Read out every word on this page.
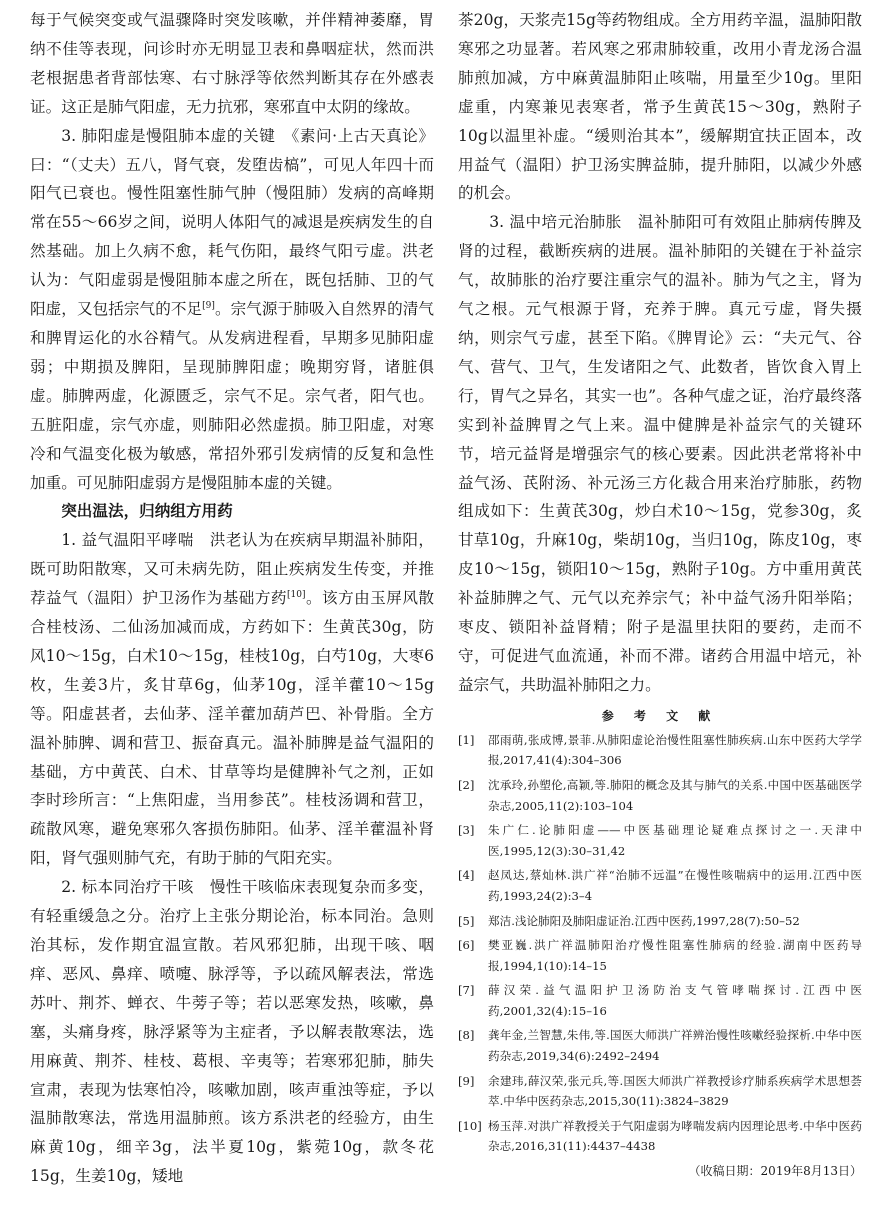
每于气候突变或气温骤降时突发咳嗽，并伴精神萎靡，胃纳不佳等表现，问诊时亦无明显卫表和鼻咽症状，然而洪老根据患者背部怯寒、右寸脉浮等依然判断其存在外感表证。这正是肺气阳虚，无力抗邪，寒邪直中太阴的缘故。

3. 肺阳虚是慢阻肺本虚的关键　 《素问·上古天真论》曰：“（丈夫）五八，肾气衰，发堕齿槁”，可见人年四十而阳气已衰也。慢性阻塞性肺气肿（慢阻肺）发病的高峰期常在55～66岁之间，说明人体阳气的减退是疾病发生的自然基础。加上久病不愈，耗气伤阳，最终气阳亏虚。洪老认为：气阳虚弱是慢阻肺本虚之所在，既包括肺、卫的气阳虚，又包括宗气的不足[9]。宗气源于肺吸入自然界的清气和脾胃运化的水谷精气。从发病进程看，早期多见肺阳虚弱；中期损及脾阳，呈现肺脾阳虚；晚期穷肾，诸脏俱虚。肺脾两虚，化源匮乏，宗气不足。宗气者，阳气也。五脏阳虚，宗气亦虚，则肺阳必然虚损。肺卫阳虚，对寒冷和气温变化极为敏感，常招外邪引发病情的反复和急性加重。可见肺阳虚弱方是慢阻肺本虚的关键。

突出温法，归纳组方用药

1. 益气温阳平哮喘　 洪老认为在疾病早期温补肺阳，既可助阳散寒，又可未病先防，阻止疾病发生传变，并推荐益气（温阳）护卫汤作为基础方药[10]。该方由玉屏风散合桂枝汤、二仙汤加减而成，方药如下：生黄芪30g，防风10～15g，白术10～15g，桂枝10g，白芍10g，大枣6枚，生姜3片，炙甘草6g，仙茅10g，淫羊藿10～15g等。阳虚甚者，去仙茅、淫羊藿加葫芦巴、补骨脂。全方温补肺脾、调和营卫、振奋真元。温补肺脾是益气温阳的基础，方中黄芪、白术、甘草等均是健脾补气之剂，正如李时珍所言：“上焦阳虚，当用参芪”。桂枝汤调和营卫，疏散风寒，避免寒邪久客损伤肺阳。仙茅、淫羊藿温补肾阳，肾气强则肺气充，有助于肺的气阳充实。

2. 标本同治疗干咳　 慢性干咳临床表现复杂而多变，有轻重缓急之分。治疗上主张分期论治，标本同治。急则治其标，发作期宜温宣散。若风邪犯肺，出现干咳、咽痒、恶风、鼻痒、喷嚏、脉浮等，予以疏风解表法，常选苏叶、荆芥、蝉衣、牛蒡子等；若以恶寒发热，咳嗽，鼻塞，头痛身疼，脉浮紧等为主症者，予以解表散寒法，选用麻黄、荆芥、桂枝、葛根、辛夷等；若寒邪犯肺，肺失宣肃，表现为怯寒怕冷，咳嗽加剧，咳声重浊等症，予以温肺散寒法，常选用温肺煎。该方系洪老的经验方，由生麻黄10g，细辛3g，法半夏10g，紫菀10g，款冬花15g，生姜10g，矮地

茶20g，天浆壳15g等药物组成。全方用药辛温，温肺阳散寒邪之功显著。若风寒之邪肃肺较重，改用小青龙汤合温肺煎加减，方中麻黄温肺阳止咳喘，用量至少10g。里阳虚重，内寒兼见表寒者，常予生黄芪15～30g，熟附子10g以温里补虚。“缓则治其本”，缓解期宜扶正固本，改用益气（温阳）护卫汤实脾益肺，提升肺阳，以减少外感的机会。

3. 温中培元治肺胀　 温补肺阳可有效阻止肺病传脾及肾的过程，截断疾病的进展。温补肺阳的关键在于补益宗气，故肺胀的治疗要注重宗气的温补。肺为气之主，肾为气之根。元气根源于肾，充养于脾。真元亏虚，肾失摄纳，则宗气亏虚，甚至下陷。《脾胃论》云：“夫元气、谷气、营气、卫气，生发诸阳之气、此数者，皆饮食入胃上行，胃气之异名，其实一也”。各种气虚之证，治疗最终落实到补益脾胃之气上来。温中健脾是补益宗气的关键环节，培元益肾是增强宗气的核心要素。因此洪老常将补中益气汤、芪附汤、补元汤三方化裁合用来治疗肺胀，药物组成如下：生黄芪30g，炒白术10～15g，党参30g，炙甘草10g，升麻10g，柴胡10g，当归10g，陈皮10g，枣皮10～15g，锁阳10～15g，熟附子10g。方中重用黄芪补益肺脾之气、元气以充养宗气；补中益气汤升阳举陷；枣皮、锁阳补益肾精；附子是温里扶阳的要药，走而不守，可促进气血流通，补而不滞。诸药合用温中培元，补益宗气，共助温补肺阳之力。

参 考 文 献
[1]	邵雨萌,张成博,景菲.从肺阳虚论治慢性阻塞性肺疾病.山东中医药大学学报,2017,41(4):304–306
[2]	沈承玲,孙塑伦,高颖,等.肺阳的概念及其与肺气的关系.中国中医基础医学杂志,2005,11(2):103–104
[3]	朱广仁.论肺阳虚——中医基础理论疑难点探讨之一.天津中医,1995,12(3):30–31,42
[4]	赵凤达,蔡灿林.洪广祥“治肺不远温”在慢性咳喘病中的运用.江西中医药,1993,24(2):3–4
[5]	郑洁.浅论肺阳及肺阳虚证治.江西中医药,1997,28(7):50–52
[6]	樊亚巍.洪广祥温肺阳治疗慢性阻塞性肺病的经验.湖南中医药导报,1994,1(10):14–15
[7]	薛汉荣.益气温阳护卫汤防治支气管哮喘探讨.江西中医药,2001,32(4):15–16
[8]	龚年金,兰智慧,朱伟,等.国医大师洪广祥辨治慢性咳嗽经验探析.中华中医药杂志,2019,34(6):2492–2494
[9]	余建玮,薛汉荣,张元兵,等.国医大师洪广祥教授诊疗肺系疾病学术思想荟萃.中华中医药杂志,2015,30(11):3824–3829
[10] 杨玉萍.对洪广祥教授关于气阳虚弱为哮喘发病内因理论思考.中华中医药杂志,2016,31(11):4437–4438
（收稿日期：2019年8月13日）
